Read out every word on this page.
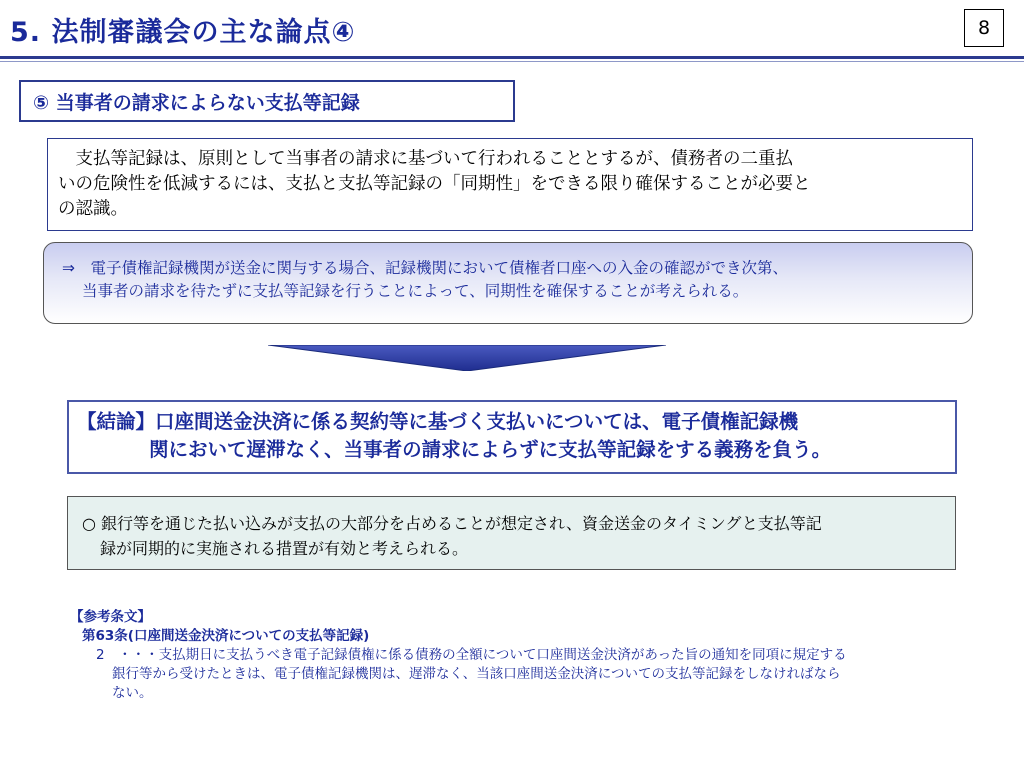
5. 法制審議会の主な論点④	8
⑤ 当事者の請求によらない支払等記録
　支払等記録は、原則として当事者の請求に基づいて行われることとするが、債務者の二重払
いの危険性を低減するには、支払と支払等記録の「同期性」をできる限り確保することが必要と
の認識。
⇒　電子債権記録機関が送金に関与する場合、記録機関において債権者口座への入金の確認ができ次第、
当事者の請求を待たずに支払等記録を行うことによって、同期性を確保することが考えられる。
【結論】口座間送金決済に係る契約等に基づく支払いについては、電子債権記録機
関において遅滞なく、当事者の請求によらずに支払等記録をする義務を負う。
○ 銀行等を通じた払い込みが支払の大部分を占めることが想定され、資金送金のタイミングと支払等記
録が同期的に実施される措置が有効と考えられる。
【参考条文】
第63条(口座間送金決済についての支払等記録)
2　・・・支払期日に支払うべき電子記録債権に係る債務の全額について口座間送金決済があった旨の通知を同項に規定する
銀行等から受けたときは、電子債権記録機関は、遅滞なく、当該口座間送金決済についての支払等記録をしなければなら
ない。
